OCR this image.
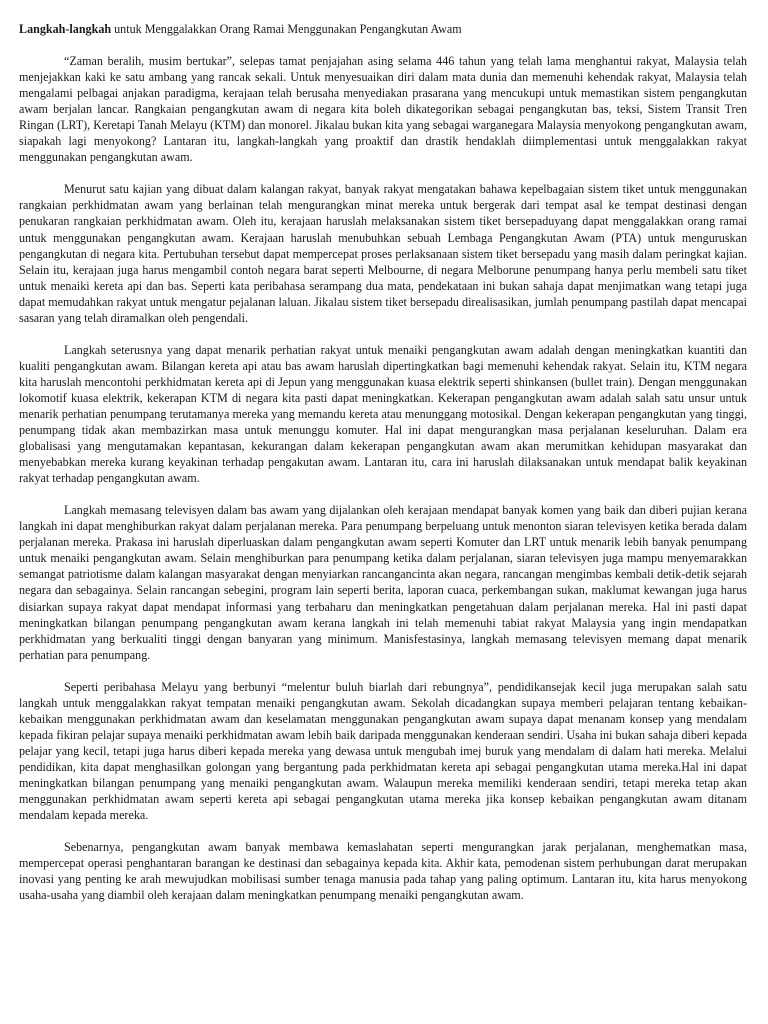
Langkah-langkah untuk Menggalakkan Orang Ramai Menggunakan Pengangkutan Awam

“Zaman beralih, musim bertukar”, selepas tamat penjajahan asing selama 446 tahun yang telah lama menghantui rakyat, Malaysia telah menjejakkan kaki ke satu ambang yang rancak sekali. Untuk menyesuaikan diri dalam mata dunia dan memenuhi kehendak rakyat, Malaysia telah mengalami pelbagai anjakan paradigma, kerajaan telah berusaha menyediakan prasarana yang mencukupi untuk memastikan sistem pengangkutan awam berjalan lancar. Rangkaian pengangkutan awam di negara kita boleh dikategorikan sebagai pengangkutan bas, teksi, Sistem Transit Tren Ringan (LRT), Keretapi Tanah Melayu (KTM) dan monorel. Jikalau bukan kita yang sebagai warganegara Malaysia menyokong pengangkutan awam, siapakah lagi menyokong? Lantaran itu, langkah-langkah yang proaktif dan drastik hendaklah diimplementasi untuk menggalakkan rakyat menggunakan pengangkutan awam.

Menurut satu kajian yang dibuat dalam kalangan rakyat, banyak rakyat mengatakan bahawa kepelbagaian sistem tiket untuk menggunakan rangkaian perkhidmatan awam yang berlainan telah mengurangkan minat mereka untuk bergerak dari tempat asal ke tempat destinasi dengan penukaran rangkaian perkhidmatan awam. Oleh itu, kerajaan haruslah melaksanakan sistem tiket bersepaduyang dapat menggalakkan orang ramai untuk menggunakan pengangkutan awam. Kerajaan haruslah menubuhkan sebuah Lembaga Pengangkutan Awam (PTA) untuk menguruskan pengangkutan di negara kita. Pertubuhan tersebut dapat mempercepat proses perlaksanaan sistem tiket bersepadu yang masih dalam peringkat kajian. Selain itu, kerajaan juga harus mengambil contoh negara barat seperti Melbourne, di negara Melborune penumpang hanya perlu membeli satu tiket untuk menaiki kereta api dan bas. Seperti kata peribahasa serampang dua mata, pendekataan ini bukan sahaja dapat menjimatkan wang tetapi juga dapat memudahkan rakyat untuk mengatur pejalanan laluan. Jikalau sistem tiket bersepadu direalisasikan, jumlah penumpang pastilah dapat mencapai sasaran yang telah diramalkan oleh pengendali.

Langkah seterusnya yang dapat menarik perhatian rakyat untuk menaiki pengangkutan awam adalah dengan meningkatkan kuantiti dan kualiti pengangkutan awam. Bilangan kereta api atau bas awam haruslah dipertingkatkan bagi memenuhi kehendak rakyat. Selain itu, KTM negara kita haruslah mencontohi perkhidmatan kereta api di Jepun yang menggunakan kuasa elektrik seperti shinkansen (bullet train). Dengan menggunakan lokomotif kuasa elektrik, kekerapan KTM di negara kita pasti dapat meningkatkan. Kekerapan pengangkutan awam adalah salah satu unsur untuk menarik perhatian penumpang terutamanya mereka yang memandu kereta atau menunggang motosikal. Dengan kekerapan pengangkutan yang tinggi, penumpang tidak akan membazirkan masa untuk menunggu komuter. Hal ini dapat mengurangkan masa perjalanan keseluruhan. Dalam era globalisasi yang mengutamakan kepantasan, kekurangan dalam kekerapan pengangkutan awam akan merumitkan kehidupan masyarakat dan menyebabkan mereka kurang keyakinan terhadap pengakutan awam. Lantaran itu, cara ini haruslah dilaksanakan untuk mendapat balik keyakinan rakyat terhadap pengangkutan awam.

Langkah memasang televisyen dalam bas awam yang dijalankan oleh kerajaan mendapat banyak komen yang baik dan diberi pujian kerana langkah ini dapat menghiburkan rakyat dalam perjalanan mereka. Para penumpang berpeluang untuk menonton siaran televisyen ketika berada dalam perjalanan mereka. Prakasa ini haruslah diperluaskan dalam pengangkutan awam seperti Komuter dan LRT untuk menarik lebih banyak penumpang untuk menaiki pengangkutan awam. Selain menghiburkan para penumpang ketika dalam perjalanan, siaran televisyen juga mampu menyemarakkan semangat patriotisme dalam kalangan masyarakat dengan menyiarkan rancangancinta akan negara, rancangan mengimbas kembali detik-detik sejarah negara dan sebagainya. Selain rancangan sebegini, program lain seperti berita, laporan cuaca, perkembangan sukan, maklumat kewangan juga harus disiarkan supaya rakyat dapat mendapat informasi yang terbaharu dan meningkatkan pengetahuan dalam perjalanan mereka. Hal ini pasti dapat meningkatkan bilangan penumpang pengangkutan awam kerana langkah ini telah memenuhi tabiat rakyat Malaysia yang ingin mendapatkan perkhidmatan yang berkualiti tinggi dengan banyaran yang minimum. Manisfestasinya, langkah memasang televisyen memang dapat menarik perhatian para penumpang.

Seperti peribahasa Melayu yang berbunyi “melentur buluh biarlah dari rebungnya”, pendidikansejak kecil juga merupakan salah satu langkah untuk menggalakkan rakyat tempatan menaiki pengangkutan awam. Sekolah dicadangkan supaya memberi pelajaran tentang kebaikan-kebaikan menggunakan perkhidmatan awam dan keselamatan menggunakan pengangkutan awam supaya dapat menanam konsep yang mendalam kepada fikiran pelajar supaya menaiki perkhidmatan awam lebih baik daripada menggunakan kenderaan sendiri. Usaha ini bukan sahaja diberi kepada pelajar yang kecil, tetapi juga harus diberi kepada mereka yang dewasa untuk mengubah imej buruk yang mendalam di dalam hati mereka. Melalui pendidikan, kita dapat menghasilkan golongan yang bergantung pada perkhidmatan kereta api sebagai pengangkutan utama mereka.Hal ini dapat meningkatkan bilangan penumpang yang menaiki pengangkutan awam. Walaupun mereka memiliki kenderaan sendiri, tetapi mereka tetap akan menggunakan perkhidmatan awam seperti kereta api sebagai pengangkutan utama mereka jika konsep kebaikan pengangkutan awam ditanam mendalam kepada mereka.

Sebenarnya, pengangkutan awam banyak membawa kemaslahatan seperti mengurangkan jarak perjalanan, menghematkan masa, mempercepat operasi penghantaran barangan ke destinasi dan sebagainya kepada kita. Akhir kata, pemodenan sistem perhubungan darat merupakan inovasi yang penting ke arah mewujudkan mobilisasi sumber tenaga manusia pada tahap yang paling optimum. Lantaran itu, kita harus menyokong usaha-usaha yang diambil oleh kerajaan dalam meningkatkan penumpang menaiki pengangkutan awam.
